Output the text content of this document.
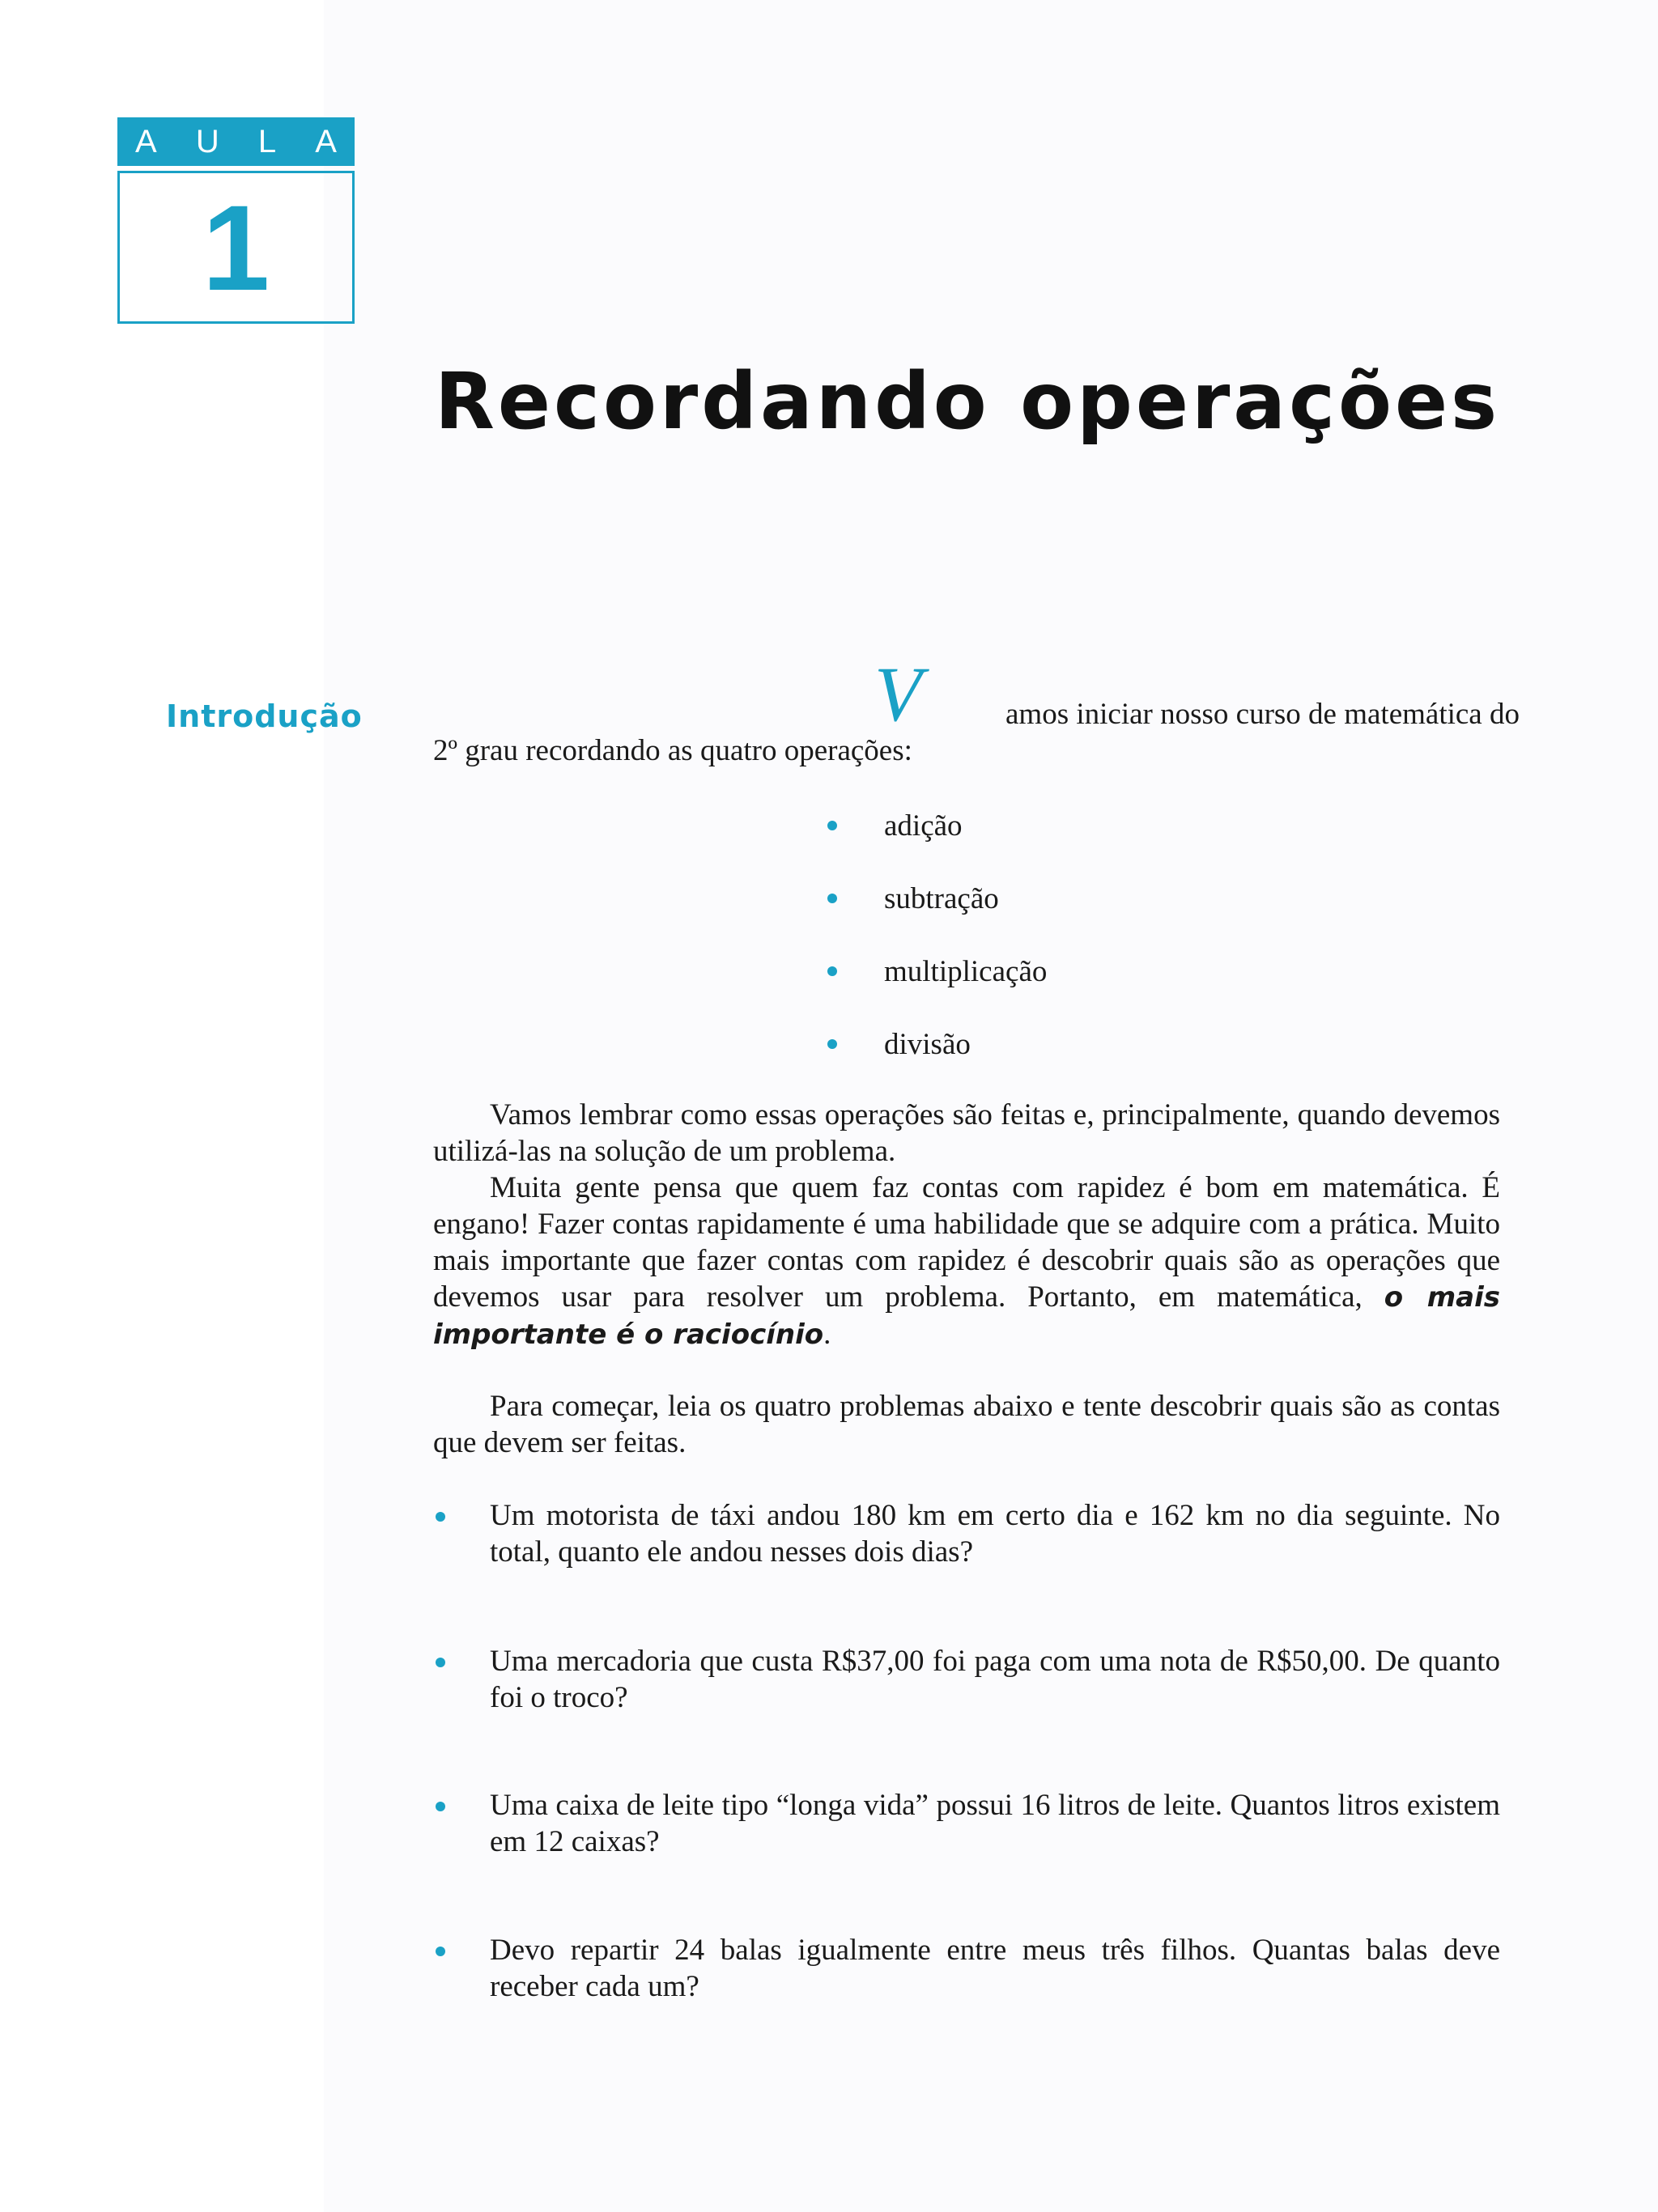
A U L A
1
Recordando operações
Introdução	V	amos iniciar nosso curso de matemática do
2º grau recordando as quatro operações:
adição
subtração
multiplicação
divisão

Vamos lembrar como essas operações são feitas e, principalmente, quando devemos utilizá-las na solução de um problema.

Muita gente pensa que quem faz contas com rapidez é bom em matemática. É engano! Fazer contas rapidamente é uma habilidade que se adquire com a prática. Muito mais importante que fazer contas com rapidez é descobrir quais são as operações que devemos usar para resolver um problema. Portanto, em matemática, o mais importante é o raciocínio.

Para começar, leia os quatro problemas abaixo e tente descobrir quais são as contas que devem ser feitas.

Um motorista de táxi andou 180 km em certo dia e 162 km no dia seguinte. No total, quanto ele andou nesses dois dias?

Uma mercadoria que custa R$37,00 foi paga com uma nota de R$50,00. De quanto foi o troco?

Uma caixa de leite tipo “longa vida” possui 16 litros de leite. Quantos litros existem em 12 caixas?

Devo repartir 24 balas igualmente entre meus três filhos. Quantas balas deve receber cada um?
